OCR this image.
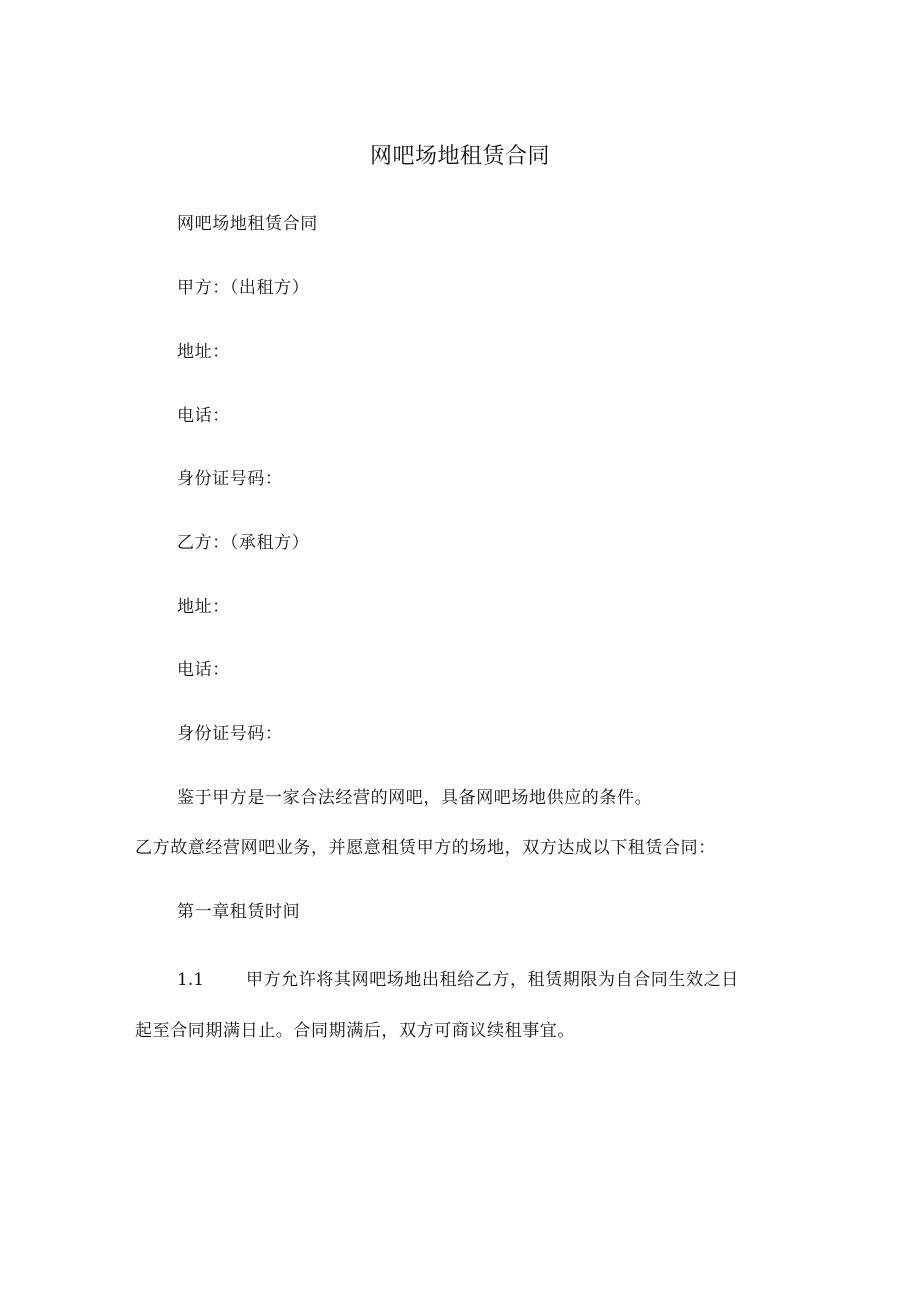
网吧场地租赁合同
网吧场地租赁合同
甲方：（出租方）
地址：
电话：
身份证号码：
乙方：（承租方）
地址：
电话：
身份证号码：
鉴于甲方是一家合法经营的网吧，具备网吧场地供应的条件。
乙方故意经营网吧业务，并愿意租赁甲方的场地，双方达成以下租赁合同：
第一章租赁时间
1.1 甲方允许将其网吧场地出租给乙方，租赁期限为自合同生效之日
起至合同期满日止。合同期满后，双方可商议续租事宜。
